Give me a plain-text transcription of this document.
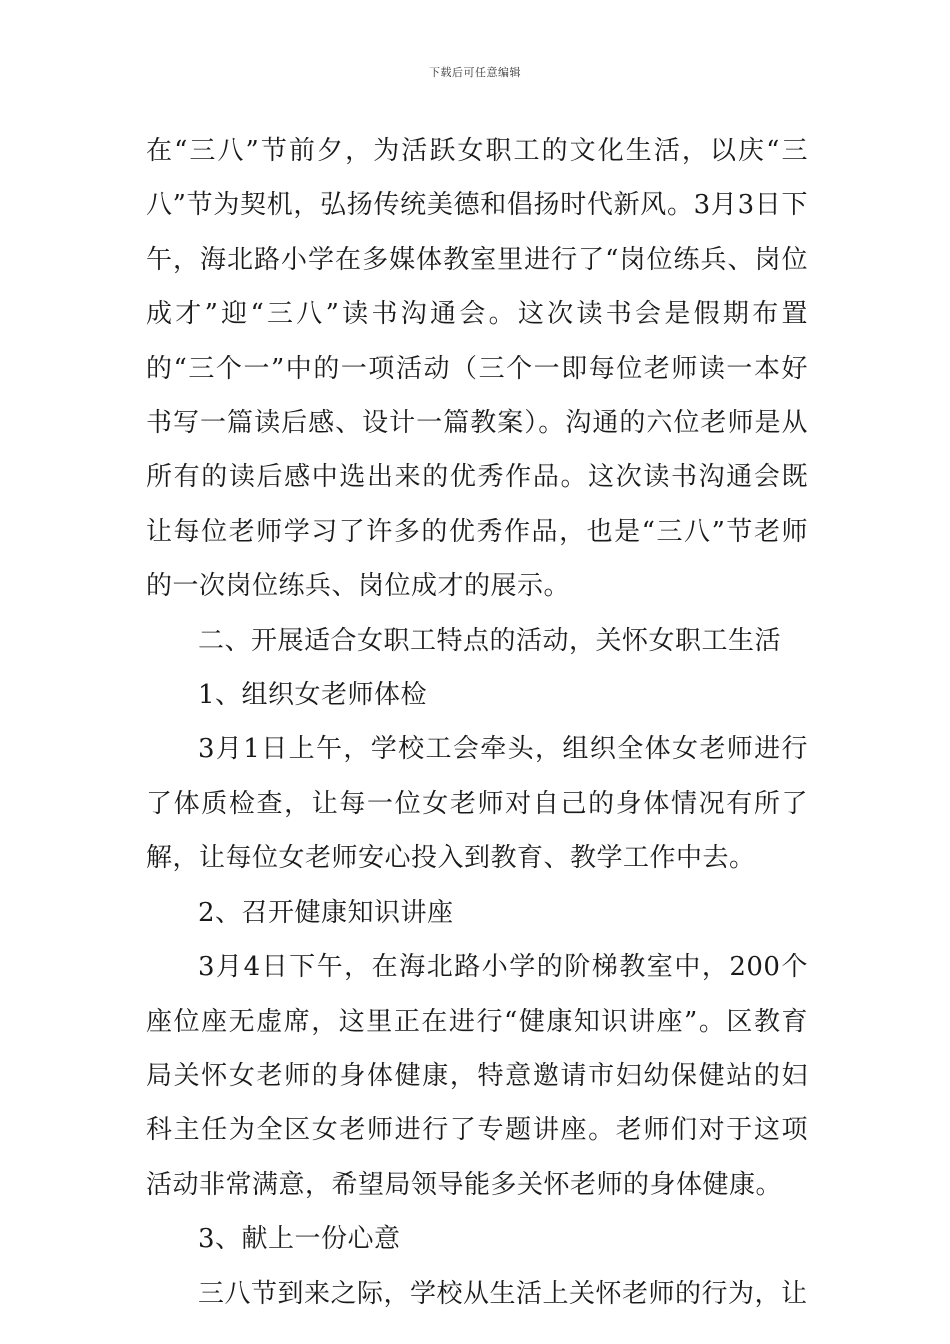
下载后可任意编辑

在“三八”节前夕，为活跃女职工的文化生活，以庆“三八”节为契机，弘扬传统美德和倡扬时代新风。3月3日下午，海北路小学在多媒体教室里进行了“岗位练兵、岗位成才”迎“三八”读书沟通会。这次读书会是假期布置的“三个一”中的一项活动（三个一即每位老师读一本好书写一篇读后感、设计一篇教案）。沟通的六位老师是从所有的读后感中选出来的优秀作品。这次读书沟通会既让每位老师学习了许多的优秀作品，也是“三八”节老师的一次岗位练兵、岗位成才的展示。

二、开展适合女职工特点的活动，关怀女职工生活

1、组织女老师体检

3月1日上午，学校工会牵头，组织全体女老师进行了体质检查，让每一位女老师对自己的身体情况有所了解，让每位女老师安心投入到教育、教学工作中去。

2、召开健康知识讲座

3月4日下午，在海北路小学的阶梯教室中，200个座位座无虚席，这里正在进行“健康知识讲座”。区教育局关怀女老师的身体健康，特意邀请市妇幼保健站的妇科主任为全区女老师进行了专题讲座。老师们对于这项活动非常满意，希望局领导能多关怀老师的身体健康。

3、献上一份心意

三八节到来之际，学校从生活上关怀老师的行为，让
